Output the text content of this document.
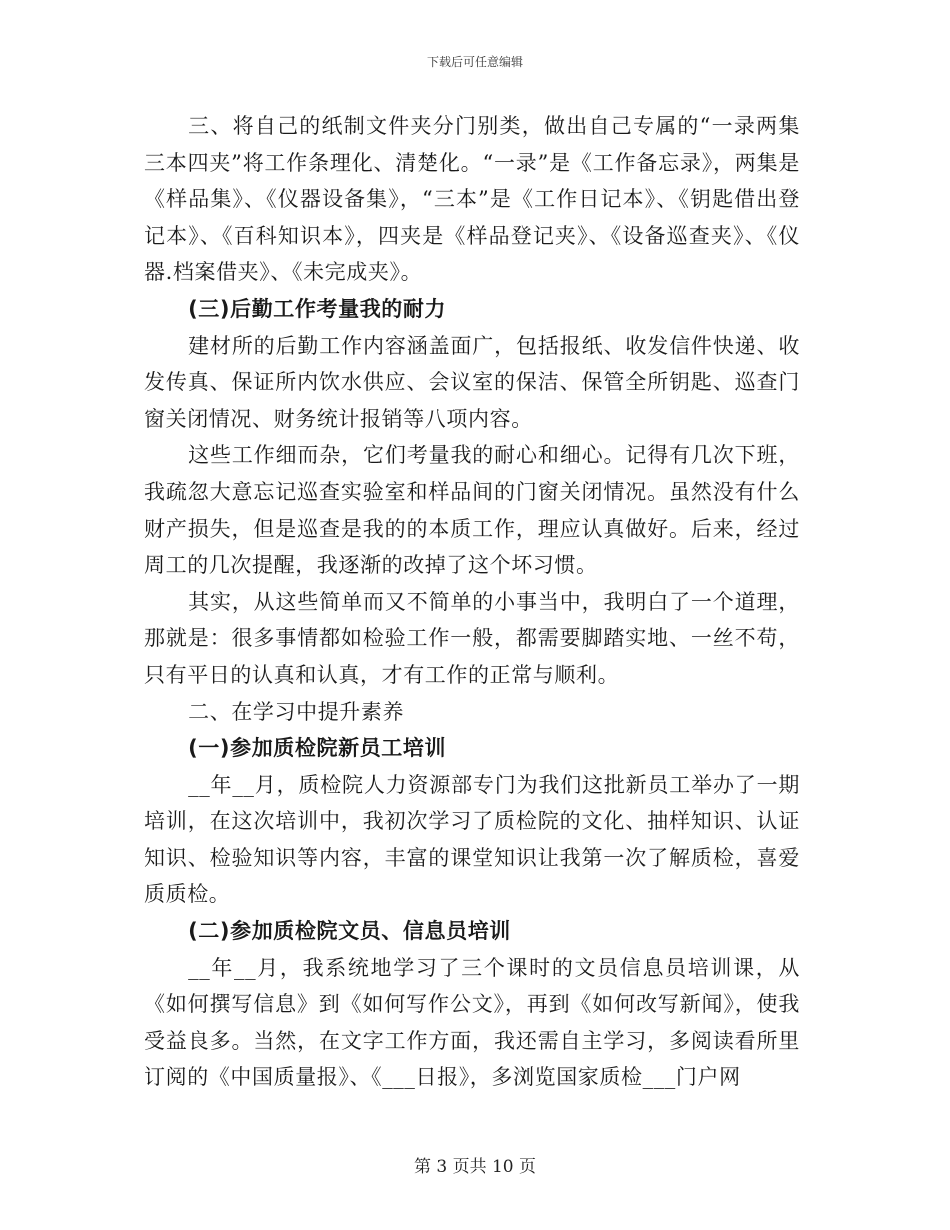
下载后可任意编辑

三、将自己的纸制文件夹分门别类，做出自己专属的“一录两集三本四夹”将工作条理化、清楚化。“一录”是《工作备忘录》，两集是《样品集》、《仪器设备集》，“三本”是《工作日记本》、《钥匙借出登记本》、《百科知识本》，四夹是《样品登记夹》、《设备巡查夹》、《仪器.档案借夹》、《未完成夹》。

(三)后勤工作考量我的耐力

建材所的后勤工作内容涵盖面广，包括报纸、收发信件快递、收发传真、保证所内饮水供应、会议室的保洁、保管全所钥匙、巡查门窗关闭情况、财务统计报销等八项内容。

这些工作细而杂，它们考量我的耐心和细心。记得有几次下班，我疏忽大意忘记巡查实验室和样品间的门窗关闭情况。虽然没有什么财产损失，但是巡查是我的的本质工作，理应认真做好。后来，经过周工的几次提醒，我逐渐的改掉了这个坏习惯。

其实，从这些简单而又不简单的小事当中，我明白了一个道理，那就是：很多事情都如检验工作一般，都需要脚踏实地、一丝不苟，只有平日的认真和认真，才有工作的正常与顺利。

二、在学习中提升素养

(一)参加质检院新员工培训

__年__月，质检院人力资源部专门为我们这批新员工举办了一期培训，在这次培训中，我初次学习了质检院的文化、抽样知识、认证知识、检验知识等内容，丰富的课堂知识让我第一次了解质检，喜爱质质检。

(二)参加质检院文员、信息员培训

__年__月，我系统地学习了三个课时的文员信息员培训课，从《如何撰写信息》到《如何写作公文》，再到《如何改写新闻》，使我受益良多。当然，在文字工作方面，我还需自主学习，多阅读看所里订阅的《中国质量报》、《___日报》，多浏览国家质检___门户网

第 3 页共 10 页
